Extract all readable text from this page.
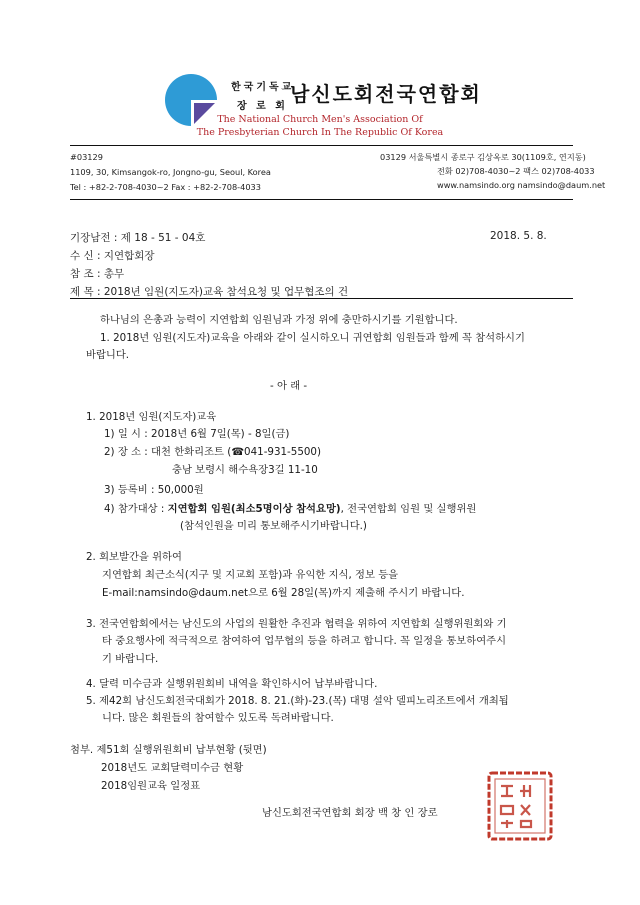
한국기독교
장 로 회
남신도회전국연합회
The National Church Men's Association Of
The Presbyterian Church In The Republic Of Korea
#03129
1109, 30, Kimsangok-ro, Jongno-gu, Seoul, Korea
Tel : +82-2-708-4030~2 Fax : +82-2-708-4033
03129 서울특별시 종로구 김상옥로 30(1109호, 연지동)
전화 02)708-4030~2 팩스 02)708-4033
www.namsindo.org namsindo@daum.net
기장남전 : 제 18 - 51 - 04호	2018. 5. 8.
수 신 : 지연합회장
참 조 : 총무
제 목 : 2018년 임원(지도자)교육 참석요청 및 업무협조의 건
하나님의 은총과 능력이 지연합회 임원님과 가정 위에 충만하시기를 기원합니다.
1. 2018년 임원(지도자)교육을 아래와 같이 실시하오니 귀연합회 임원들과 함께 꼭 참석하시기
바랍니다.
- 아 래 -
1. 2018년 임원(지도자)교육
1) 일 시 : 2018년 6월 7일(목) - 8일(금)
2) 장 소 : 대천 한화리조트 (☎041-931-5500)
충남 보령시 해수욕장3길 11-10
3) 등록비 : 50,000원
4) 참가대상 : 지연합회 임원(최소5명이상 참석요망), 전국연합회 임원 및 실행위원
(참석인원을 미리 통보해주시기바랍니다.)
2. 회보발간을 위하여
지연합회 최근소식(지구 및 지교회 포함)과 유익한 지식, 정보 등을
E-mail:namsindo@daum.net으로 6월 28일(목)까지 제출해 주시기 바랍니다.
3. 전국연합회에서는 남신도의 사업의 원활한 추진과 협력을 위하여 지연합회 실행위원회와 기
타 중요행사에 적극적으로 참여하여 업무협의 등을 하려고 합니다. 꼭 일정을 통보하여주시
기 바랍니다.
4. 달력 미수금과 실행위원회비 내역을 확인하시어 납부바랍니다.
5. 제42회 남신도회전국대회가 2018. 8. 21.(화)-23.(목) 대명 설악 델피노리조트에서 개최됩
니다. 많은 회원들의 참여할수 있도록 독려바랍니다.
첨부. 제51회 실행위원회비 납부현황 (뒷면)
2018년도 교회달력미수금 현황
2018임원교육 일정표
남신도회전국연합회 회장 백 창 인 장로
